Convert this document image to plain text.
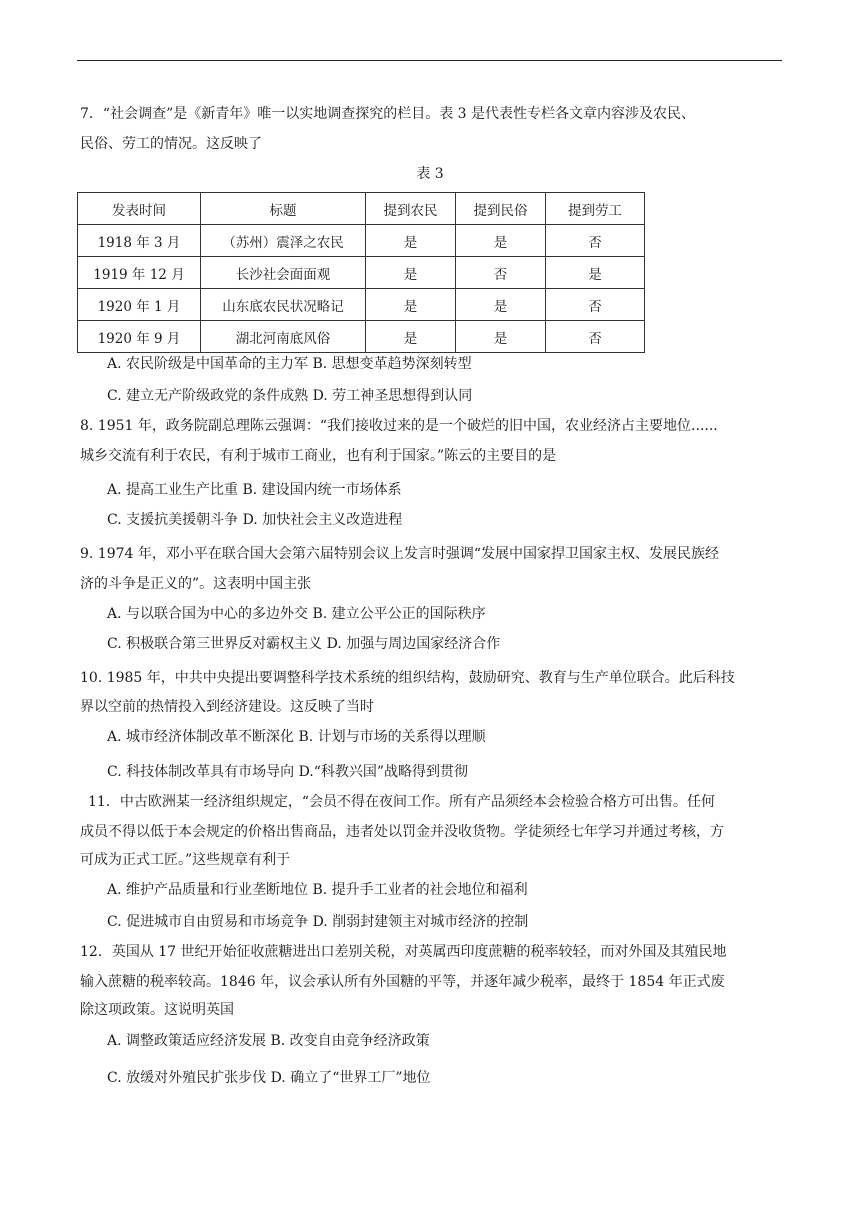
7．“社会调查”是《新青年》唯一以实地调查探究的栏目。表 3 是代表性专栏各文章内容涉及农民、
民俗、劳工的情况。这反映了
表 3
发表时间	标题	提到农民	提到民俗	提到劳工
1918 年 3 月	（苏州）震泽之农民	是	是	否
1919 年 12 月	长沙社会面面观	是	否	是
1920 年 1 月	山东底农民状况略记	是	是	否
1920 年 9 月	湖北河南底风俗	是	是	否
A. 农民阶级是中国革命的主力军 B. 思想变革趋势深刻转型
C. 建立无产阶级政党的条件成熟 D. 劳工神圣思想得到认同
8. 1951 年，政务院副总理陈云强调：“我们接收过来的是一个破烂的旧中国，农业经济占主要地位......
城乡交流有利于农民，有利于城市工商业，也有利于国家。”陈云的主要目的是
A. 提高工业生产比重 B. 建设国内统一市场体系
C. 支援抗美援朝斗争 D. 加快社会主义改造进程
9. 1974 年，邓小平在联合国大会第六届特别会议上发言时强调“发展中国家捍卫国家主权、发展民族经
济的斗争是正义的”。这表明中国主张
A. 与以联合国为中心的多边外交 B. 建立公平公正的国际秩序
C. 积极联合第三世界反对霸权主义 D. 加强与周边国家经济合作
10. 1985 年，中共中央提出要调整科学技术系统的组织结构，鼓励研究、教育与生产单位联合。此后科技
界以空前的热情投入到经济建设。这反映了当时
A. 城市经济体制改革不断深化 B. 计划与市场的关系得以理顺
C. 科技体制改革具有市场导向 D.“科教兴国”战略得到贯彻
11．中古欧洲某一经济组织规定，“会员不得在夜间工作。所有产品须经本会检验合格方可出售。任何
成员不得以低于本会规定的价格出售商品，违者处以罚金并没收货物。学徒须经七年学习并通过考核，方
可成为正式工匠。”这些规章有利于
A. 维护产品质量和行业垄断地位 B. 提升手工业者的社会地位和福利
C. 促进城市自由贸易和市场竞争 D. 削弱封建领主对城市经济的控制
12．英国从 17 世纪开始征收蔗糖进出口差别关税，对英属西印度蔗糖的税率较轻，而对外国及其殖民地
输入蔗糖的税率较高。1846 年，议会承认所有外国糖的平等，并逐年减少税率，最终于 1854 年正式废
除这项政策。这说明英国
A. 调整政策适应经济发展 B. 改变自由竞争经济政策
C. 放缓对外殖民扩张步伐 D. 确立了“世界工厂”地位
